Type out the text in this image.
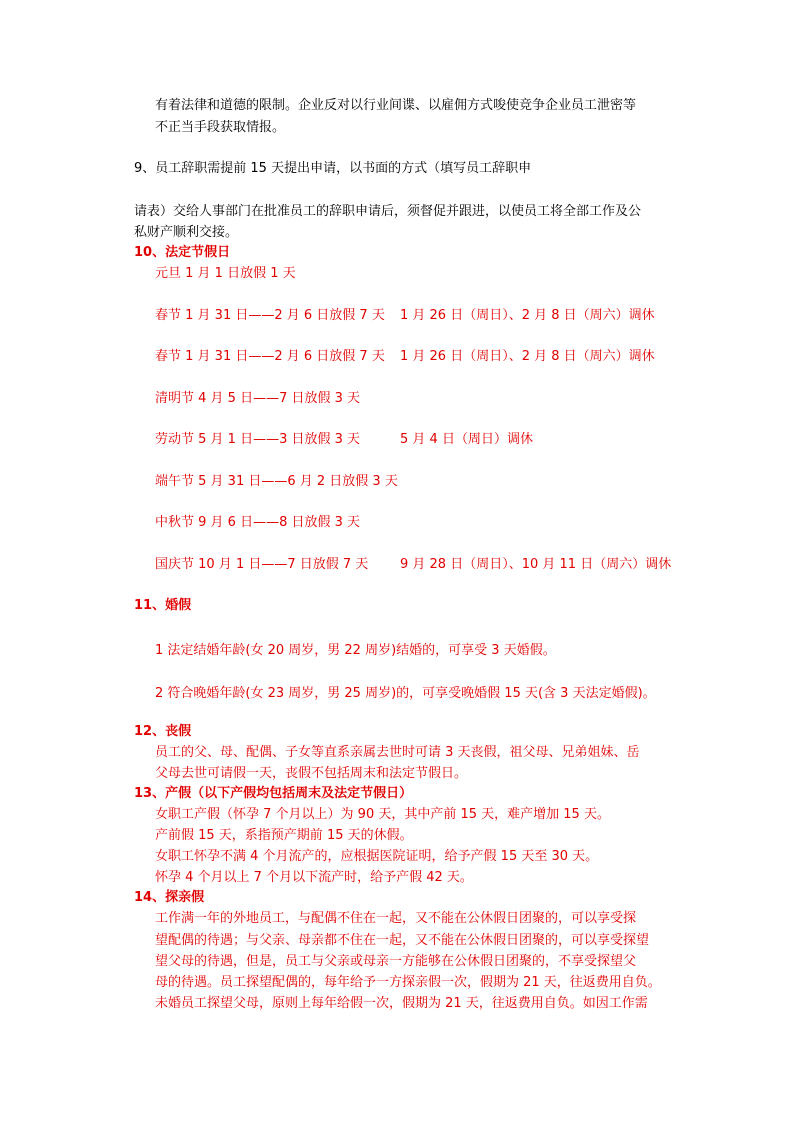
有着法律和道德的限制。企业反对以行业间谍、以雇佣方式唆使竞争企业员工泄密等
不正当手段获取情报。
9、员工辞职需提前 15 天提出申请，以书面的方式（填写员工辞职申
请表）交给人事部门在批准员工的辞职申请后，须督促并跟进，以使员工将全部工作及公
私财产顺利交接。
10、法定节假日
元旦 1 月 1 日放假 1 天
春节 1 月 31 日——2 月 6 日放假 7 天 1 月 26 日（周日）、2 月 8 日（周六）调休
春节 1 月 31 日——2 月 6 日放假 7 天 1 月 26 日（周日）、2 月 8 日（周六）调休
清明节 4 月 5 日——7 日放假 3 天
劳动节 5 月 1 日——3 日放假 3 天	5 月 4 日（周日）调休
端午节 5 月 31 日——6 月 2 日放假 3 天
中秋节 9 月 6 日——8 日放假 3 天
国庆节 10 月 1 日——7 日放假 7 天 9 月 28 日（周日）、10 月 11 日（周六）调休
11、婚假
1 法定结婚年龄(女 20 周岁，男 22 周岁)结婚的，可享受 3 天婚假。
2 符合晚婚年龄(女 23 周岁，男 25 周岁)的，可享受晚婚假 15 天(含 3 天法定婚假)。
12、丧假
员工的父、母、配偶、子女等直系亲属去世时可请 3 天丧假，祖父母、兄弟姐妹、岳
父母去世可请假一天，丧假不包括周末和法定节假日。
13、产假（以下产假均包括周末及法定节假日）
女职工产假（怀孕 7 个月以上）为 90 天，其中产前 15 天，难产增加 15 天。
产前假 15 天，系指预产期前 15 天的休假。
女职工怀孕不满 4 个月流产的，应根据医院证明，给予产假 15 天至 30 天。
怀孕 4 个月以上 7 个月以下流产时，给予产假 42 天。
14、探亲假
工作满一年的外地员工，与配偶不住在一起，又不能在公休假日团聚的，可以享受探
望配偶的待遇；与父亲、母亲都不住在一起，又不能在公休假日团聚的，可以享受探望
望父母的待遇，但是，员工与父亲或母亲一方能够在公休假日团聚的，不享受探望父
母的待遇。员工探望配偶的，每年给予一方探亲假一次，假期为 21 天，往返费用自负。
未婚员工探望父母，原则上每年给假一次，假期为 21 天，往返费用自负。如因工作需
